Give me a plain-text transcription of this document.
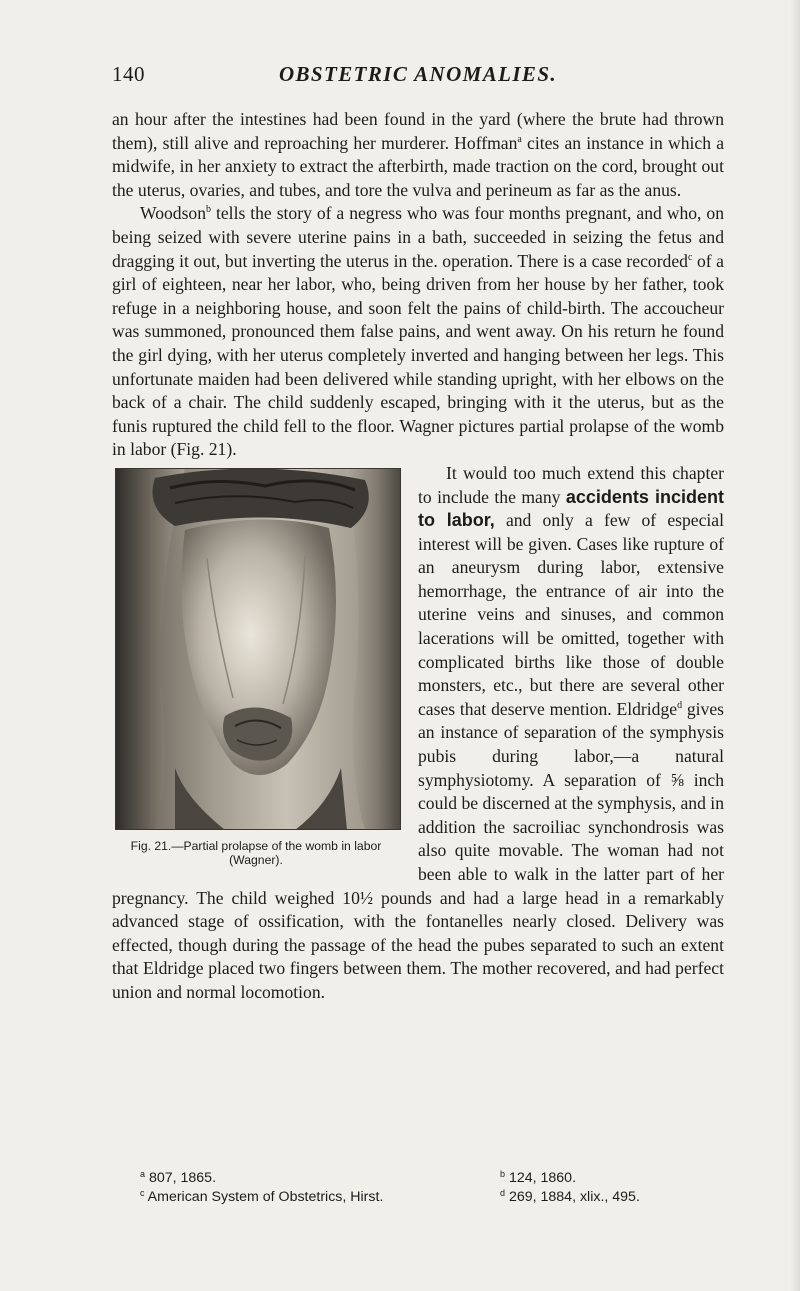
140	OBSTETRIC ANOMALIES.

an hour after the intestines had been found in the yard (where the brute had thrown them), still alive and reproaching her murderer. Hoffman$^a$ cites an instance in which a midwife, in her anxiety to extract the afterbirth, made traction on the cord, brought out the uterus, ovaries, and tubes, and tore the vulva and perineum as far as the anus.

Woodson$^b$ tells the story of a negress who was four months pregnant, and who, on being seized with severe uterine pains in a bath, succeeded in seizing the fetus and dragging it out, but inverting the uterus in the. operation. There is a case recorded$^c$ of a girl of eighteen, near her labor, who, being driven from her house by her father, took refuge in a neighboring house, and soon felt the pains of child-birth. The accoucheur was summoned, pronounced them false pains, and went away. On his return he found the girl dying, with her uterus completely inverted and hanging between her legs. This unfortunate maiden had been delivered while standing upright, with her elbows on the back of a chair. The child suddenly escaped, bringing with it the uterus, but as the funis ruptured the child fell to the floor. Wagner pictures partial prolapse of the womb in labor (Fig. 21).

Fig. 21.—Partial prolapse of the womb in labor (Wagner).

It would too much extend this chapter to include the many accidents incident to labor, and only a few of especial interest will be given. Cases like rupture of an aneurysm during labor, extensive hemorrhage, the entrance of air into the uterine veins and sinuses, and common lacerations will be omitted, together with complicated births like those of double monsters, etc., but there are several other cases that deserve mention. Eldridge$^d$ gives an instance of separation of the symphysis pubis during labor,—a natural symphysiotomy. A separation of ⅝ inch could be discerned at the symphysis, and in addition the sacroiliac synchondrosis was also quite movable. The woman had not been able to walk in the latter part of her pregnancy. The child weighed 10½ pounds and had a large head in a remarkably advanced stage of ossification, with the fontanelles nearly closed. Delivery was effected, though during the passage of the head the pubes separated to such an extent that Eldridge placed two fingers between them. The mother recovered, and had perfect union and normal locomotion.

$^a$ 807, 1865.	$^b$ 124, 1860.
$^c$ American System of Obstetrics, Hirst.	$^d$ 269, 1884, xlix., 495.
